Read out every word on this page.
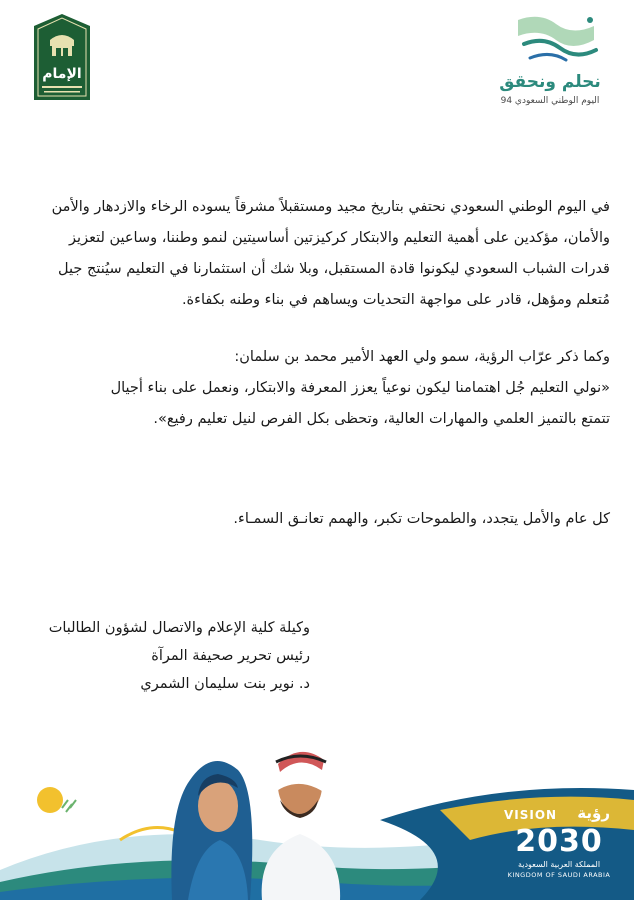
الإمام	نحلم ونحقق
اليوم الوطني السعودي 94
في اليوم الوطني السعودي نحتفي بتاريخ مجيد ومستقبلاً مشرقاً يسوده الرخاء والازدهار والأمن
والأمان، مؤكدين على أهمية التعليم والابتكار كركيزتين أساسيتين لنمو وطننا، وساعين لتعزيز
قدرات الشباب السعودي ليكونوا قادة المستقبل، وبلا شك أن استثمارنا في التعليم سيُنتج جيل
مُتعلم ومؤهل، قادر على مواجهة التحديات ويساهم في بناء وطنه بكفاءة.
وكما ذكر عرّاب الرؤية، سمو ولي العهد الأمير محمد بن سلمان:
«نولي التعليم جُل اهتمامنا ليكون نوعياً يعزز المعرفة والابتكار، ونعمل على بناء أجيال
تتمتع بالتميز العلمي والمهارات العالية، وتحظى بكل الفرص لنيل تعليم رفيع».
كل عام والأمل يتجدد، والطموحات تكبر، والهمم تعانـق السمـاء.
وكيلة كلية الإعلام والاتصال لشؤون الطالبات
رئيس تحرير صحيفة المرآة
د. نوير بنت سليمان الشمري
VISION رؤية
2030
المملكة العربية السعودية
KINGDOM OF SAUDI ARABIA
